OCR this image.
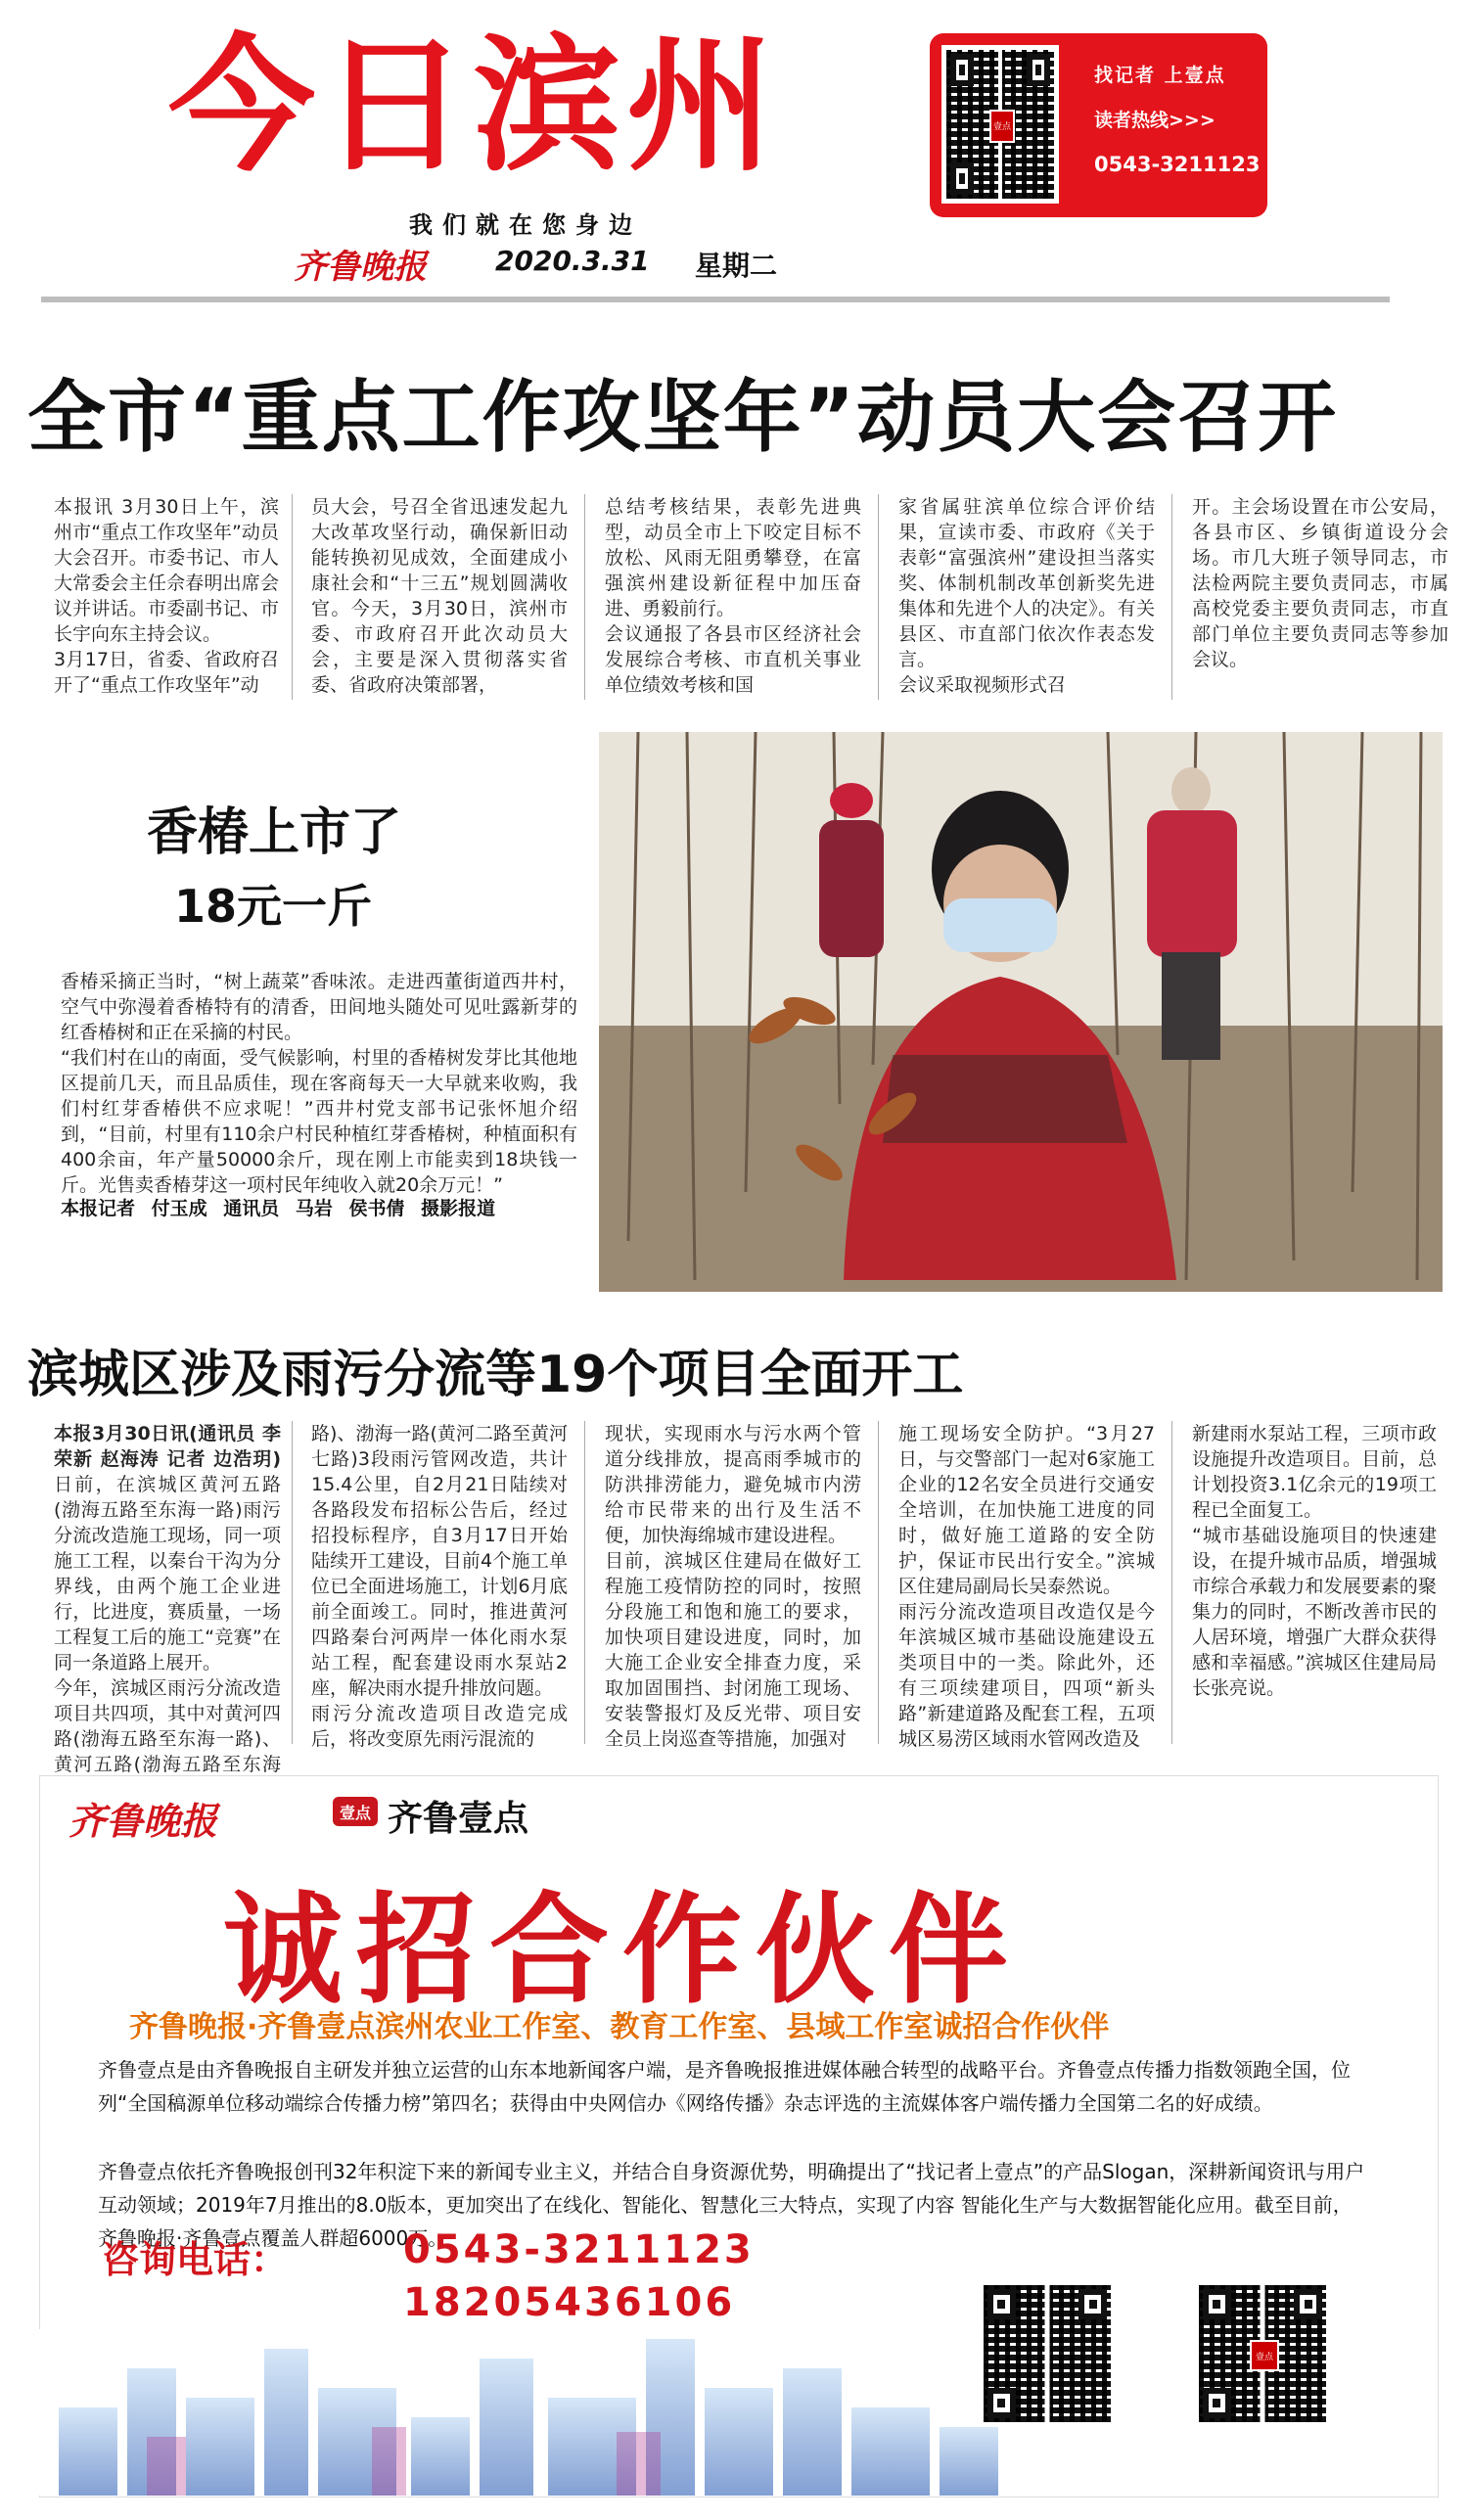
今日滨州
我们就在您身边
齐鲁晚报	2020.3.31 星期二
壹点
找记者 上壹点
读者热线>>>
0543-3211123
全市“重点工作攻坚年”动员大会召开
本报讯 3月30日上午，滨州市“重点工作攻坚年”动员大会召开。市委书记、市人大常委会主任佘春明出席会议并讲话。市委副书记、市长宇向东主持会议。
3月17日，省委、省政府召开了“重点工作攻坚年”动
员大会，号召全省迅速发起九大改革攻坚行动，确保新旧动能转换初见成效，全面建成小康社会和“十三五”规划圆满收官。今天，3月30日，滨州市委、市政府召开此次动员大会，主要是深入贯彻落实省委、省政府决策部署，
总结考核结果，表彰先进典型，动员全市上下咬定目标不放松、风雨无阻勇攀登，在富强滨州建设新征程中加压奋进、勇毅前行。
会议通报了各县市区经济社会发展综合考核、市直机关事业单位绩效考核和国
家省属驻滨单位综合评价结果，宣读市委、市政府《关于表彰“富强滨州”建设担当落实奖、体制机制改革创新奖先进集体和先进个人的决定》。有关县区、市直部门依次作表态发言。
会议采取视频形式召
开。主会场设置在市公安局，各县市区、乡镇街道设分会场。市几大班子领导同志，市法检两院主要负责同志，市属高校党委主要负责同志，市直部门单位主要负责同志等参加会议。
香椿上市了
18元一斤
香椿采摘正当时，“树上蔬菜”香味浓。走进西董街道西井村，空气中弥漫着香椿特有的清香，田间地头随处可见吐露新芽的红香椿树和正在采摘的村民。
“我们村在山的南面，受气候影响，村里的香椿树发芽比其他地区提前几天，而且品质佳，现在客商每天一大早就来收购，我们村红芽香椿供不应求呢！”西井村党支部书记张怀旭介绍到，“目前，村里有110余户村民种植红芽香椿树，种植面积有400余亩，年产量50000余斤，现在刚上市能卖到18块钱一斤。光售卖香椿芽这一项村民年纯收入就20余万元！”
本报记者 付玉成 通讯员 马岩 侯书倩 摄影报道
滨城区涉及雨污分流等19个项目全面开工
本报3月30日讯(通讯员 李荣新 赵海涛 记者 边浩玥) 日前，在滨城区黄河五路(渤海五路至东海一路)雨污分流改造施工现场，同一项施工工程，以秦台干沟为分界线，由两个施工企业进行，比进度，赛质量，一场工程复工后的施工“竞赛”在同一条道路上展开。
今年，滨城区雨污分流改造项目共四项，其中对黄河四路(渤海五路至东海一路)、黄河五路(渤海五路至东海
路)、渤海一路(黄河二路至黄河七路)3段雨污管网改造，共计15.4公里，自2月21日陆续对各路段发布招标公告后，经过招投标程序，自3月17日开始陆续开工建设，目前4个施工单位已全面进场施工，计划6月底前全面竣工。同时，推进黄河四路秦台河两岸一体化雨水泵站工程，配套建设雨水泵站2座，解决雨水提升排放问题。
雨污分流改造项目改造完成后，将改变原先雨污混流的
现状，实现雨水与污水两个管道分线排放，提高雨季城市的防洪排涝能力，避免城市内涝给市民带来的出行及生活不便，加快海绵城市建设进程。
目前，滨城区住建局在做好工程施工疫情防控的同时，按照分段施工和饱和施工的要求，加快项目建设进度，同时，加大施工企业安全排查力度，采取加固围挡、封闭施工现场、安装警报灯及反光带、项目安全员上岗巡查等措施，加强对
施工现场安全防护。“3月27日，与交警部门一起对6家施工企业的12名安全员进行交通安全培训，在加快施工进度的同时，做好施工道路的安全防护，保证市民出行安全。”滨城区住建局副局长吴泰然说。
雨污分流改造项目改造仅是今年滨城区城市基础设施建设五类项目中的一类。除此外，还有三项续建项目，四项“新头路”新建道路及配套工程，五项城区易涝区域雨水管网改造及
新建雨水泵站工程，三项市政设施提升改造项目。目前，总计划投资3.1亿余元的19项工程已全面复工。
“城市基础设施项目的快速建设，在提升城市品质，增强城市综合承载力和发展要素的聚集力的同时，不断改善市民的人居环境，增强广大群众获得感和幸福感。”滨城区住建局局长张亮说。
齐鲁晚报	壹点 齐鲁壹点
诚招合作伙伴
齐鲁晚报·齐鲁壹点滨州农业工作室、教育工作室、县域工作室诚招合作伙伴
齐鲁壹点是由齐鲁晚报自主研发并独立运营的山东本地新闻客户端，是齐鲁晚报推进媒体融合转型的战略平台。齐鲁壹点传播力指数领跑全国，位列“全国稿源单位移动端综合传播力榜”第四名；获得由中央网信办《网络传播》杂志评选的主流媒体客户端传播力全国第二名的好成绩。
齐鲁壹点依托齐鲁晚报创刊32年积淀下来的新闻专业主义，并结合自身资源优势，明确提出了“找记者上壹点”的产品Slogan，深耕新闻资讯与用户互动领域；2019年7月推出的8.0版本，更加突出了在线化、智能化、智慧化三大特点，实现了内容 智能化生产与大数据智能化应用。截至目前，齐鲁晚报·齐鲁壹点覆盖人群超6000万。
咨询电话：	0543-3211123
18205436106
壹点
